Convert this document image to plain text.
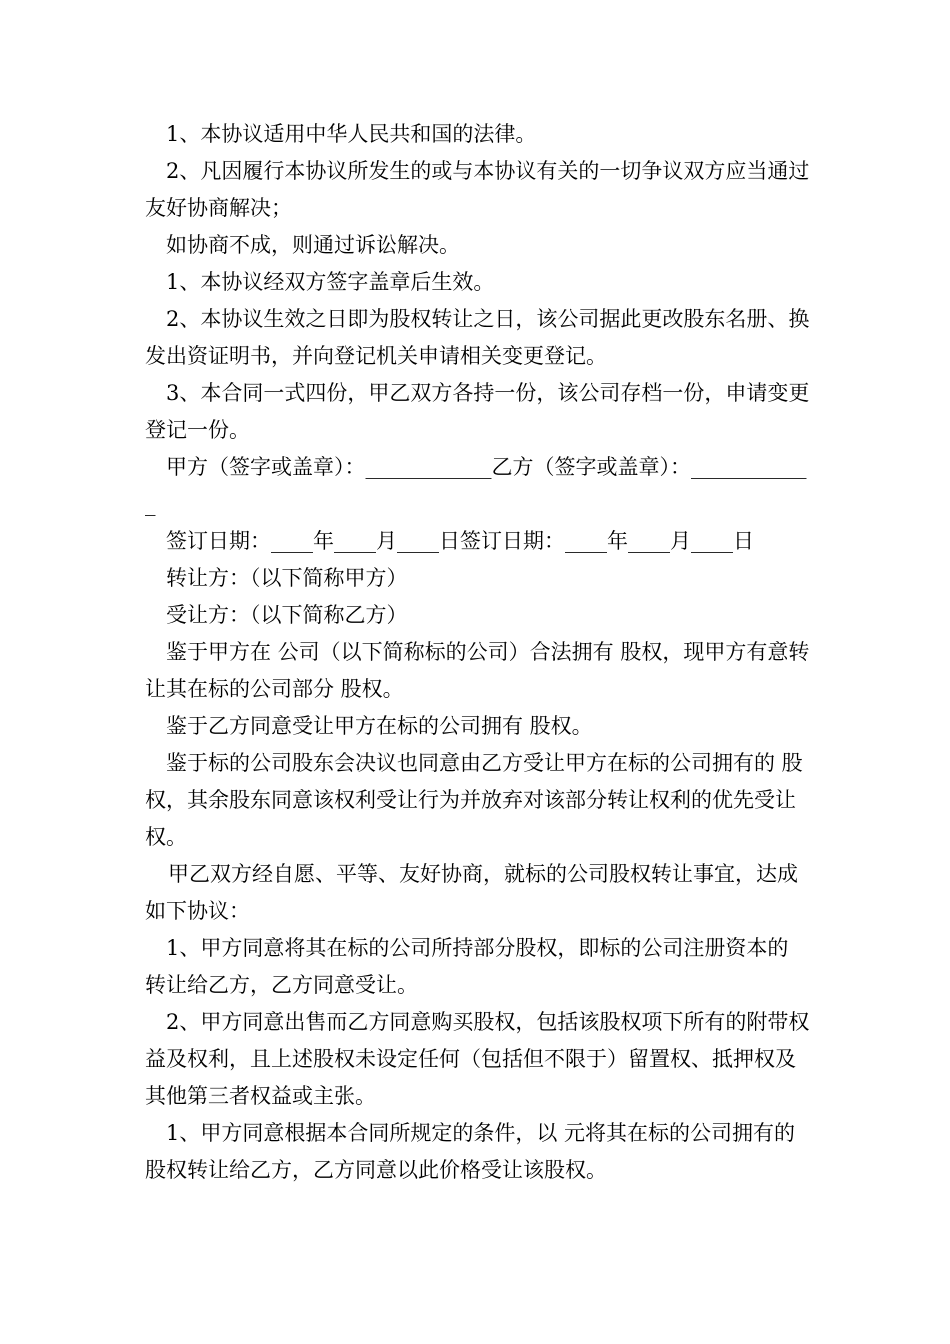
1、本协议适用中华人民共和国的法律。

2、凡因履行本协议所发生的或与本协议有关的一切争议双方应当通过友好协商解决；

如协商不成，则通过诉讼解决。

1、本协议经双方签字盖章后生效。

2、本协议生效之日即为股权转让之日，该公司据此更改股东名册、换发出资证明书，并向登记机关申请相关变更登记。

3、本合同一式四份，甲乙双方各持一份，该公司存档一份，申请变更登记一份。

甲方（签字或盖章）：____________乙方（签字或盖章）：____________

签订日期：____年____月____日签订日期：____年____月____日

转让方：（以下简称甲方）

受让方：（以下简称乙方）

鉴于甲方在 公司（以下简称标的公司）合法拥有 股权，现甲方有意转让其在标的公司部分 股权。

鉴于乙方同意受让甲方在标的公司拥有 股权。

鉴于标的公司股东会决议也同意由乙方受让甲方在标的公司拥有的 股权，其余股东同意该权利受让行为并放弃对该部分转让权利的优先受让权。

甲乙双方经自愿、平等、友好协商，就标的公司股权转让事宜，达成如下协议：

1、甲方同意将其在标的公司所持部分股权，即标的公司注册资本的 转让给乙方，乙方同意受让。

2、甲方同意出售而乙方同意购买股权，包括该股权项下所有的附带权益及权利，且上述股权未设定任何（包括但不限于）留置权、抵押权及其他第三者权益或主张。

1、甲方同意根据本合同所规定的条件，以 元将其在标的公司拥有的 股权转让给乙方，乙方同意以此价格受让该股权。
